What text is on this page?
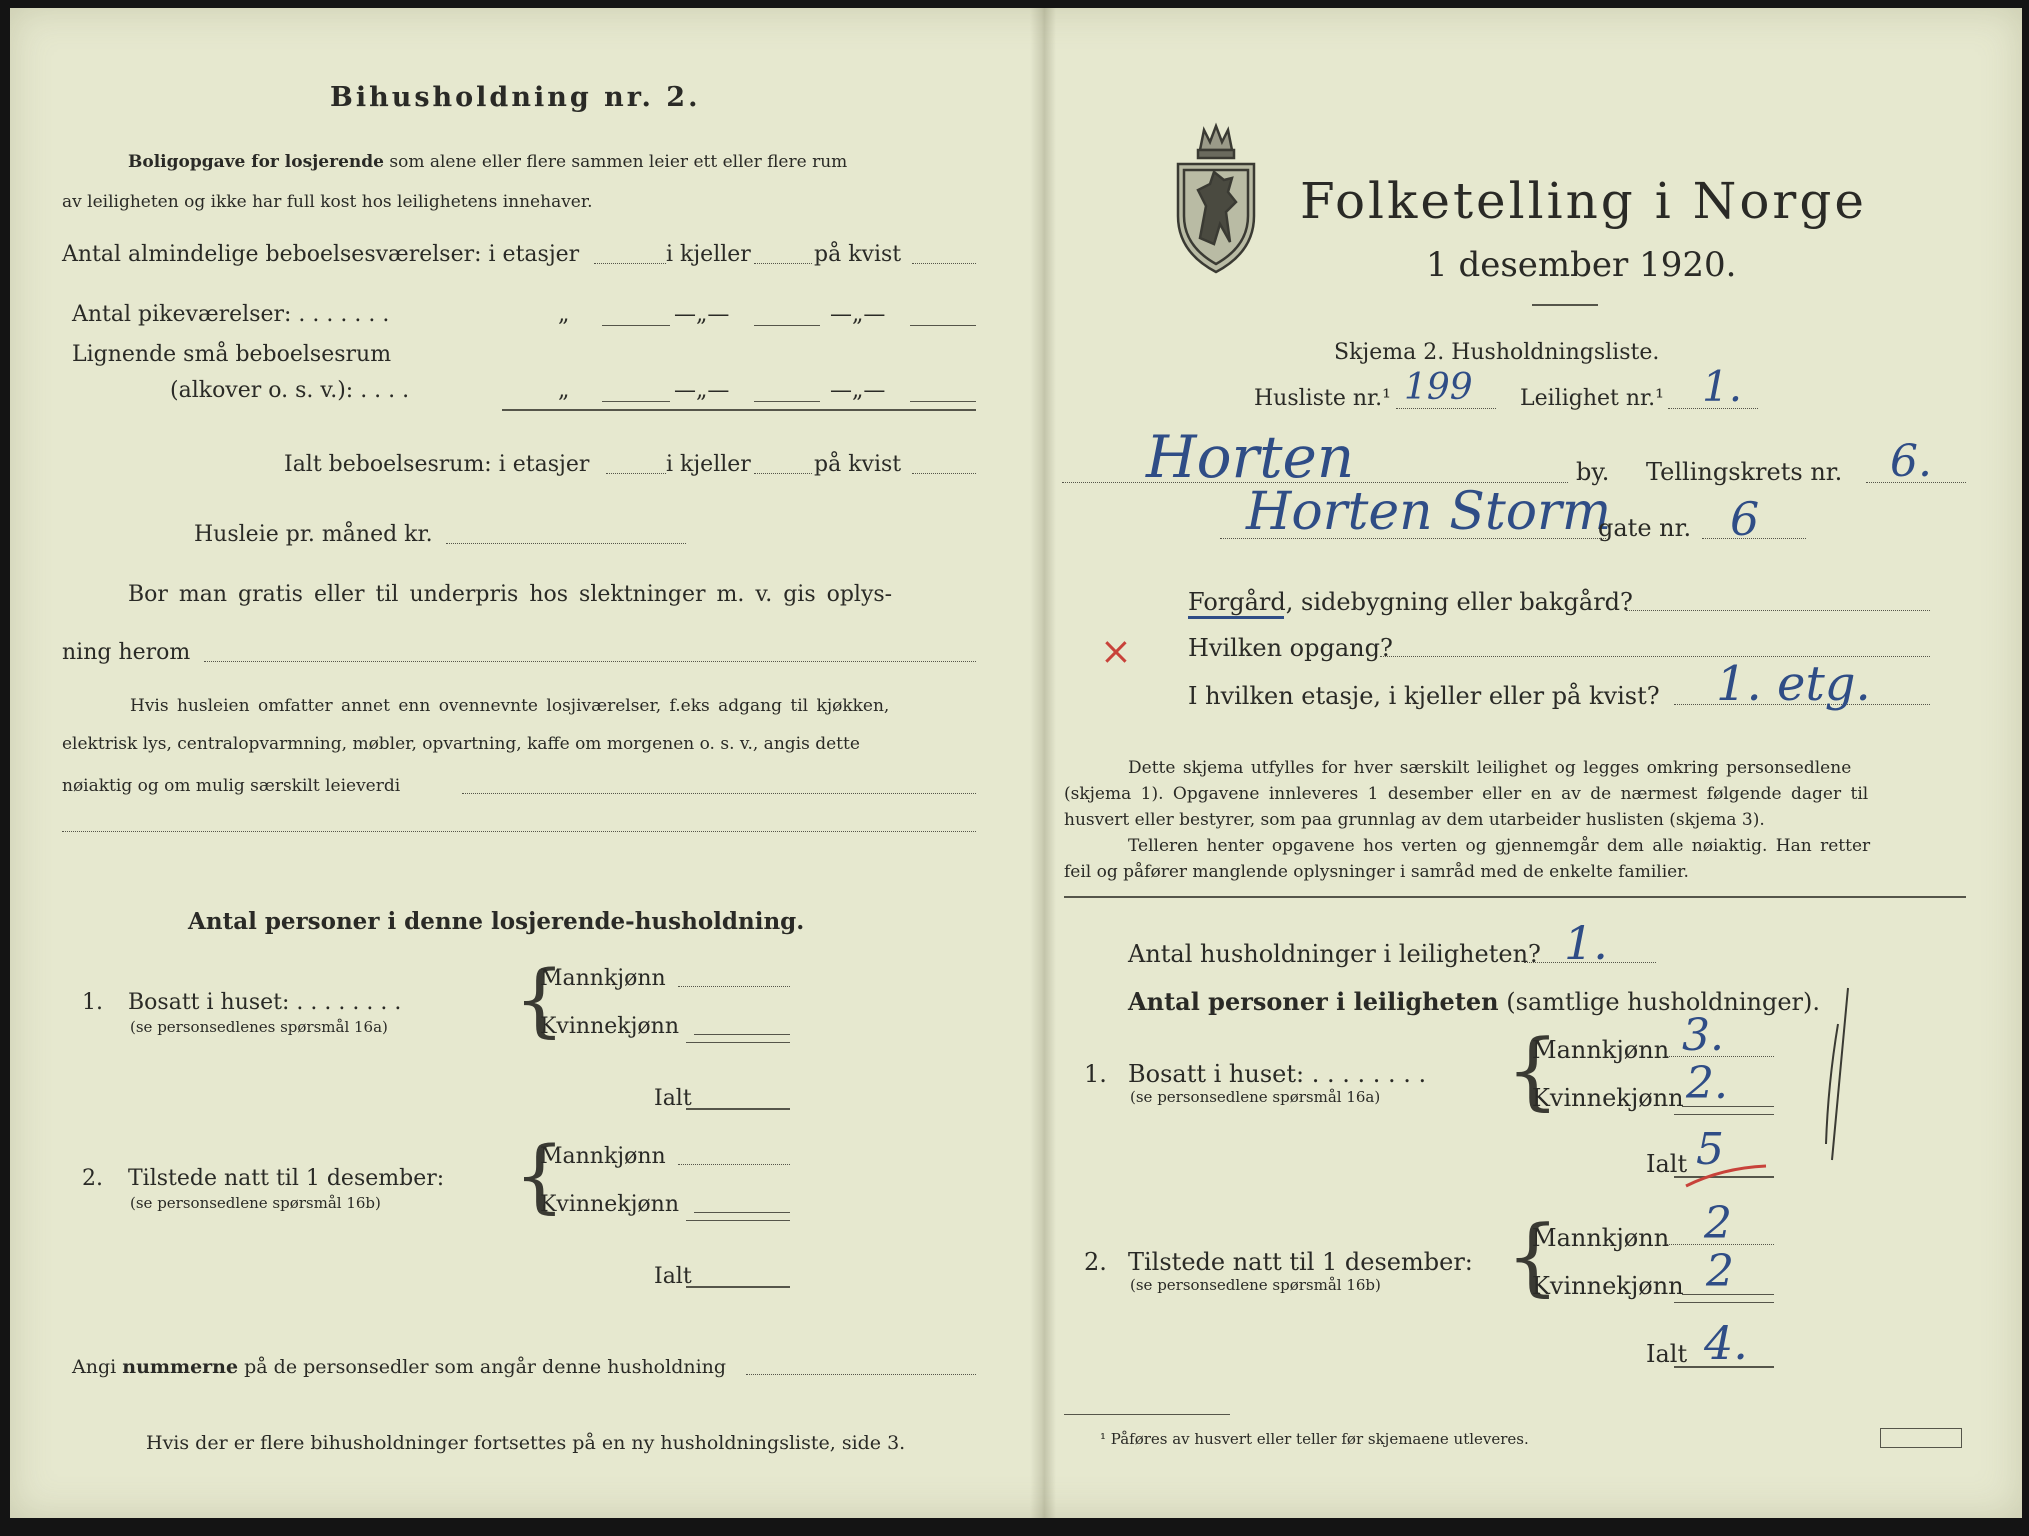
Bihusholdning nr. 2.
Boligopgave for losjerende som alene eller flere sammen leier ett eller flere rum
av leiligheten og ikke har full kost hos leilighetens innehaver.
Antal almindelige beboelsesværelser: i etasjer	i kjeller	på kvist
Antal pikeværelser: . . . . . . .	„	—„—	—„—
Lignende små beboelsesrum
(alkover o. s. v.): . . . .	„	—„—	—„—
Ialt beboelsesrum: i etasjer	i kjeller	på kvist
Husleie pr. måned kr.
Bor man gratis eller til underpris hos slektninger m. v. gis oplys-
ning herom
Hvis husleien omfatter annet enn ovennevnte losjiværelser, f.eks adgang til kjøkken,
elektrisk lys, centralopvarmning, møbler, opvartning, kaffe om morgenen o. s. v., angis dette
nøiaktig og om mulig særskilt leieverdi
Antal personer i denne losjerende-husholdning.
1. Bosatt i huset: . . . . . . . .
(se personsedlenes spørsmål 16a) {
Mannkjønn
Kvinnekjønn
Ialt
2. Tilstede natt til 1 desember:
(se personsedlene spørsmål 16b) {
Mannkjønn
Kvinnekjønn
Ialt
Angi nummerne på de personsedler som angår denne husholdning
Hvis der er flere bihusholdninger fortsettes på en ny husholdningsliste, side 3.
Folketelling i Norge
1 desember 1920.
Skjema 2. Husholdningsliste.
Husliste nr.¹ 199 Leilighet nr.¹ 1.
Horten	by. Tellingskrets nr. 6.
Horten Storm
gate nr. 6
Forgård, sidebygning eller bakgård?
× Hvilken opgang?
I hvilken etasje, i kjeller eller på kvist? 1. etg.
Dette skjema utfylles for hver særskilt leilighet og legges omkring personsedlene
(skjema 1). Opgavene innleveres 1 desember eller en av de nærmest følgende dager til
husvert eller bestyrer, som paa grunnlag av dem utarbeider huslisten (skjema 3).
Telleren henter opgavene hos verten og gjennemgår dem alle nøiaktig. Han retter
feil og påfører manglende oplysninger i samråd med de enkelte familier.
Antal husholdninger i leiligheten? 1.
Antal personer i leiligheten (samtlige husholdninger).
1. Bosatt i huset: . . . . . . . .
(se personsedlene spørsmål 16a) {
Mannkjønn 3.
Kvinnekjønn 2.
Ialt 5
2. Tilstede natt til 1 desember:
(se personsedlene spørsmål 16b) {
Mannkjønn 2
Kvinnekjønn 2
Ialt 4.
¹ Påføres av husvert eller teller før skjemaene utleveres.
